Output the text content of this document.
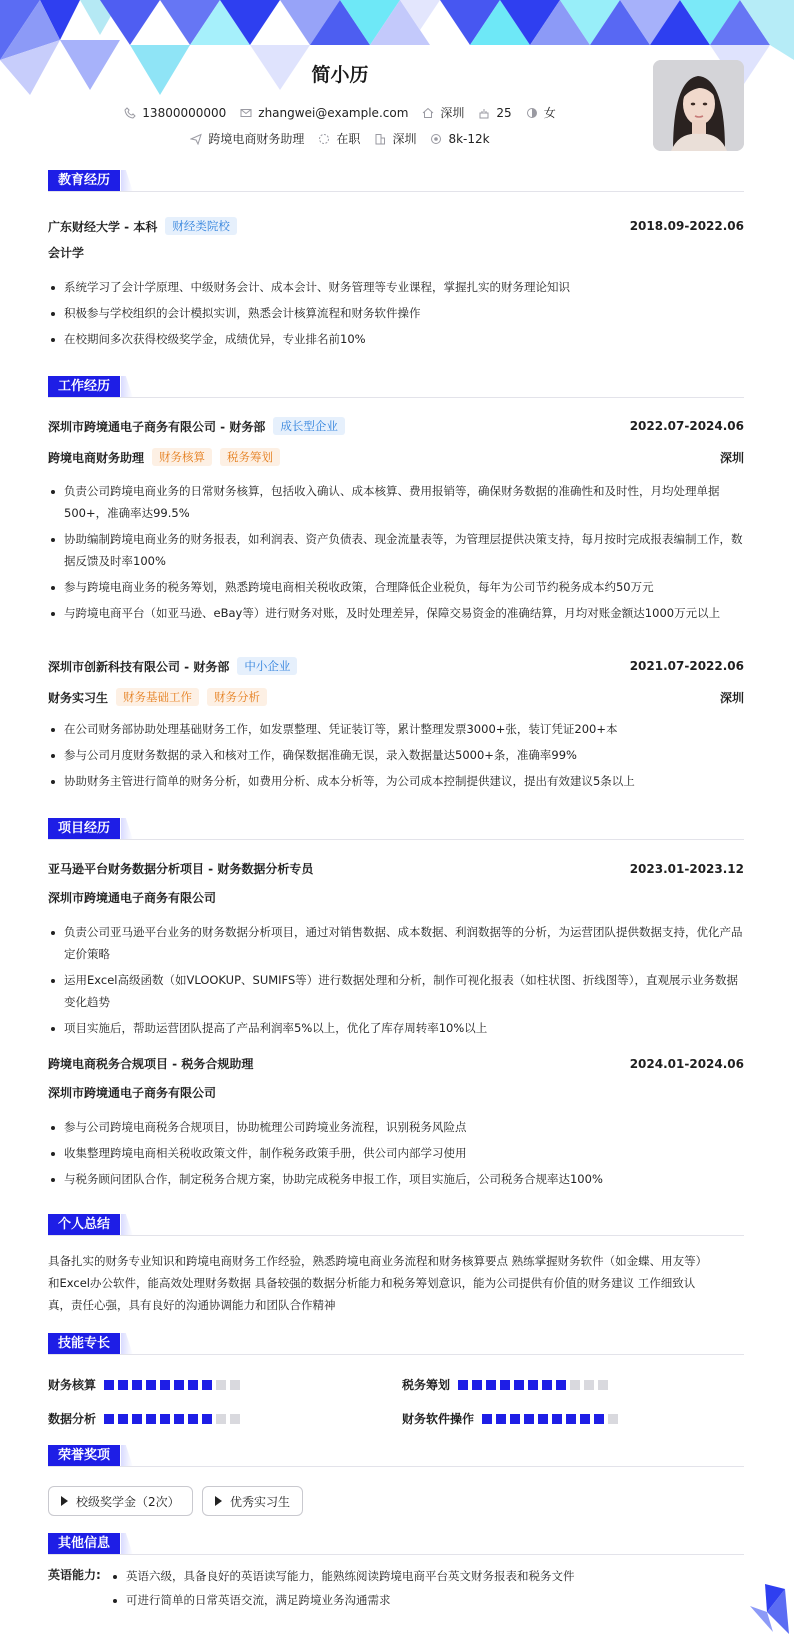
简小历
13800000000	zhangwei@example.com	深圳	25	女
跨境电商财务助理	在职	深圳	8k-12k
教育经历
广东财经大学 - 本科	财经类院校	2018.09-2022.06
会计学
系统学习了会计学原理、中级财务会计、成本会计、财务管理等专业课程，掌握扎实的财务理论知识
积极参与学校组织的会计模拟实训，熟悉会计核算流程和财务软件操作
在校期间多次获得校级奖学金，成绩优异，专业排名前10%
工作经历
深圳市跨境通电子商务有限公司 - 财务部	成长型企业	2022.07-2024.06
跨境电商财务助理	财务核算	税务筹划	深圳
负责公司跨境电商业务的日常财务核算，包括收入确认、成本核算、费用报销等，确保财务数据的准确性和及时性，月均处理单据500+，准确率达99.5%
协助编制跨境电商业务的财务报表，如利润表、资产负债表、现金流量表等，为管理层提供决策支持，每月按时完成报表编制工作，数据反馈及时率100%
参与跨境电商业务的税务筹划，熟悉跨境电商相关税收政策，合理降低企业税负，每年为公司节约税务成本约50万元
与跨境电商平台（如亚马逊、eBay等）进行财务对账，及时处理差异，保障交易资金的准确结算，月均对账金额达1000万元以上
深圳市创新科技有限公司 - 财务部	中小企业	2021.07-2022.06
财务实习生	财务基础工作	财务分析	深圳
在公司财务部协助处理基础财务工作，如发票整理、凭证装订等，累计整理发票3000+张，装订凭证200+本
参与公司月度财务数据的录入和核对工作，确保数据准确无误，录入数据量达5000+条，准确率99%
协助财务主管进行简单的财务分析，如费用分析、成本分析等，为公司成本控制提供建议，提出有效建议5条以上
项目经历
亚马逊平台财务数据分析项目 - 财务数据分析专员	2023.01-2023.12
深圳市跨境通电子商务有限公司
负责公司亚马逊平台业务的财务数据分析项目，通过对销售数据、成本数据、利润数据等的分析，为运营团队提供数据支持，优化产品定价策略
运用Excel高级函数（如VLOOKUP、SUMIFS等）进行数据处理和分析，制作可视化报表（如柱状图、折线图等），直观展示业务数据变化趋势
项目实施后，帮助运营团队提高了产品利润率5%以上，优化了库存周转率10%以上
跨境电商税务合规项目 - 税务合规助理	2024.01-2024.06
深圳市跨境通电子商务有限公司
参与公司跨境电商税务合规项目，协助梳理公司跨境业务流程，识别税务风险点
收集整理跨境电商相关税收政策文件，制作税务政策手册，供公司内部学习使用
与税务顾问团队合作，制定税务合规方案，协助完成税务申报工作，项目实施后，公司税务合规率达100%
个人总结
具备扎实的财务专业知识和跨境电商财务工作经验，熟悉跨境电商业务流程和财务核算要点 熟练掌握财务软件（如金蝶、用友等）
和Excel办公软件，能高效处理财务数据 具备较强的数据分析能力和税务筹划意识，能为公司提供有价值的财务建议 工作细致认
真，责任心强，具有良好的沟通协调能力和团队合作精神
技能专长
财务核算	税务筹划
数据分析	财务软件操作
荣誉奖项
校级奖学金（2次）	优秀实习生
其他信息
英语能力:	英语六级，具备良好的英语读写能力，能熟练阅读跨境电商平台英文财务报表和税务文件
可进行简单的日常英语交流，满足跨境业务沟通需求
